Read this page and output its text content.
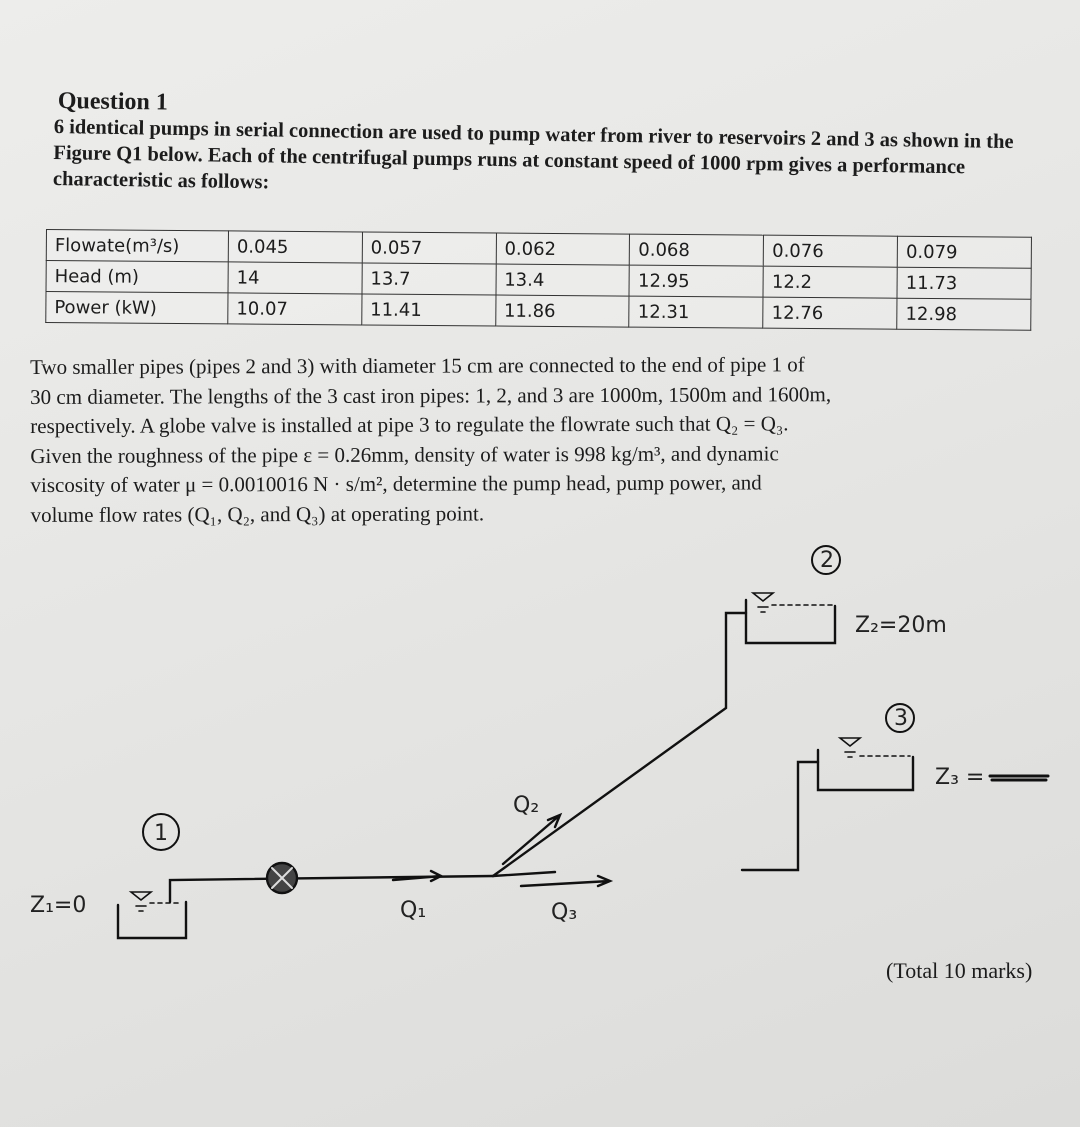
Question 1

6 identical pumps in serial connection are used to pump water from river to reservoirs 2 and 3 as shown in the Figure Q1 below. Each of the centrifugal pumps runs at constant speed of 1000 rpm gives a performance characteristic as follows:

Flowate(m³/s)	0.045	0.057	0.062	0.068	0.076	0.079
Head (m)	14	13.7	13.4	12.95	12.2	11.73
Power (kW)	10.07	11.41	11.86	12.31	12.76	12.98
Two smaller pipes (pipes 2 and 3) with diameter 15 cm are connected to the end of pipe 1 of
30 cm diameter. The lengths of the 3 cast iron pipes: 1, 2, and 3 are 1000m, 1500m and 1600m,
respectively. A globe valve is installed at pipe 3 to regulate the flowrate such that Q₂ = Q₃.
Given the roughness of the pipe ε = 0.26mm, density of water is 998 kg/m³, and dynamic
viscosity of water μ = 0.0010016 N · s/m², determine the pump head, pump power, and
volume flow rates (Q₁, Q₂, and Q₃) at operating point.
1
2
3
Z₁=0
Z₂=20m
Z₃ =
Q₁
Q₂
Q₃
(Total 10 marks)
